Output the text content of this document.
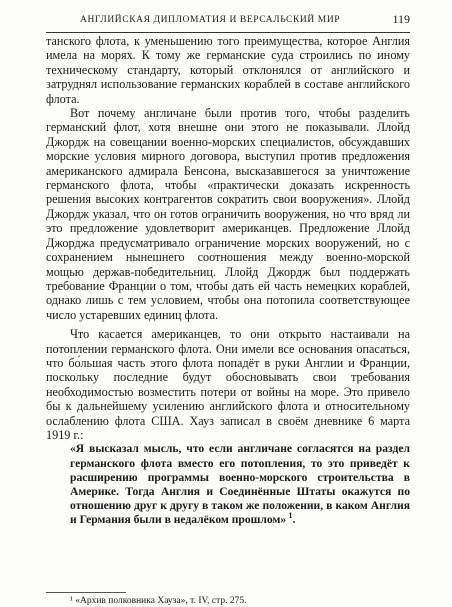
АНГЛИЙСКАЯ ДИПЛОМАТИЯ И ВЕРСАЛЬСКИЙ МИР	119

танского флота, к уменьшению того преимущества, которое Англия имела на морях. К тому же германские суда строились по иному техническому стандарту, который отклонялся от английского и затруднял использование германских кораблей в составе английского флота.

Вот почему англичане были против того, чтобы разделить германский флот, хотя внешне они этого не показывали. Ллойд Джордж на совещании военно-морских специалистов, обсуждавших морские условия мирного договора, выступил против предложения американского адмирала Бенсона, высказавшегося за уничтожение германского флота, чтобы «практически доказать искренность решения высоких контрагентов сократить свои вооружения». Ллойд Джордж указал, что он готов ограничить вооружения, но что вряд ли это предложение удовлетворит американцев. Предложение Ллойд Джорджа предусматривало ограничение морских вооружений, но с сохранением нынешнего соотношения между военно-морской мощью держав-победительниц. Ллойд Джордж был поддержать требование Франции о том, чтобы дать ей часть немецких кораблей, однако лишь с тем условием, чтобы она потопила соответствующее число устаревших единиц флота.

Что касается американцев, то они открыто настаивали на потоплении германского флота. Они имели все основания опасаться, что бо́льшая часть этого флота попадёт в руки Англии и Франции, поскольку последние будут обосновывать свои требования необходимостью возместить потери от войны на море. Это привело бы к дальнейшему усилению английского флота и относительному ослаблению флота США. Хауз записал в своём дневнике 6 марта 1919 г.:

«Я высказал мысль, что если англичане согласятся на раздел германского флота вместо его потопления, то это приведёт к расширению программы военно-морского строительства в Америке. Тогда Англия и Соединённые Штаты окажутся по отношению друг к другу в таком же положении, в каком Англия и Германия были в недалёком прошлом»  $^1$.

¹ «Архив полковника Хауза», т. IV, стр. 275.
